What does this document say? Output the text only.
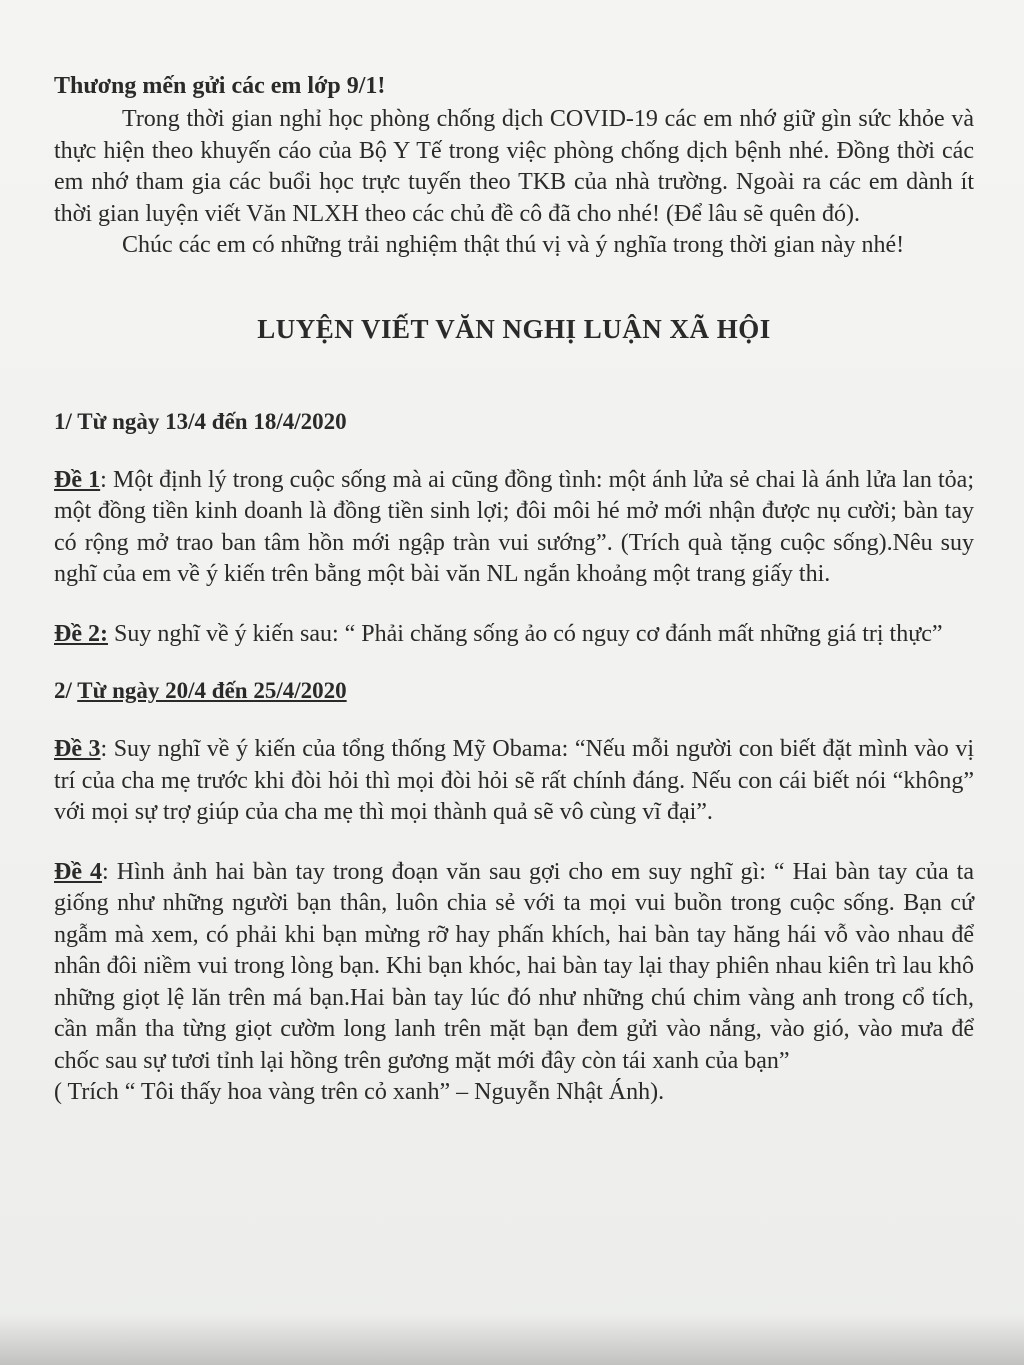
Thương mến gửi các em lớp 9/1!

Trong thời gian nghỉ học phòng chống dịch COVID-19 các em nhớ giữ gìn sức khỏe và thực hiện theo khuyến cáo của Bộ Y Tế trong việc phòng chống dịch bệnh nhé. Đồng thời các em nhớ tham gia các buổi học trực tuyến theo TKB của nhà trường. Ngoài ra các em dành ít thời gian luyện viết Văn NLXH theo các chủ đề cô đã cho nhé! (Để lâu sẽ quên đó).

Chúc các em có những trải nghiệm thật thú vị và ý nghĩa trong thời gian này nhé!

LUYỆN VIẾT VĂN NGHỊ LUẬN XÃ HỘI
1/ Từ ngày 13/4 đến 18/4/2020

Đề 1: Một định lý trong cuộc sống mà ai cũng đồng tình: một ánh lửa sẻ chai là ánh lửa lan tỏa; một đồng tiền kinh doanh là đồng tiền sinh lợi; đôi môi hé mở mới nhận được nụ cười; bàn tay có rộng mở trao ban tâm hồn mới ngập tràn vui sướng”. (Trích quà tặng cuộc sống).Nêu suy nghĩ của em về ý kiến trên bằng một bài văn NL ngắn khoảng một trang giấy thi.

Đề 2: Suy nghĩ về ý kiến sau: “ Phải chăng sống ảo có nguy cơ đánh mất những giá trị thực”

2/ Từ ngày 20/4 đến 25/4/2020

Đề 3: Suy nghĩ về ý kiến của tổng thống Mỹ Obama: “Nếu mỗi người con biết đặt mình vào vị trí của cha mẹ trước khi đòi hỏi thì mọi đòi hỏi sẽ rất chính đáng. Nếu con cái biết nói “không” với mọi sự trợ giúp của cha mẹ thì mọi thành quả sẽ vô cùng vĩ đại”.

Đề 4: Hình ảnh hai bàn tay trong đoạn văn sau gợi cho em suy nghĩ gì: “ Hai bàn tay của ta giống như những người bạn thân, luôn chia sẻ với ta mọi vui buồn trong cuộc sống. Bạn cứ ngẫm mà xem, có phải khi bạn mừng rỡ hay phấn khích, hai bàn tay hăng hái vỗ vào nhau để nhân đôi niềm vui trong lòng bạn. Khi bạn khóc, hai bàn tay lại thay phiên nhau kiên trì lau khô những giọt lệ lăn trên má bạn.Hai bàn tay lúc đó như những chú chim vàng anh trong cổ tích, cần mẫn tha từng giọt cườm long lanh trên mặt bạn đem gửi vào nắng, vào gió, vào mưa để chốc sau sự tươi tỉnh lại hồng trên gương mặt mới đây còn tái xanh của bạn”

( Trích “ Tôi thấy hoa vàng trên cỏ xanh” – Nguyễn Nhật Ánh).
